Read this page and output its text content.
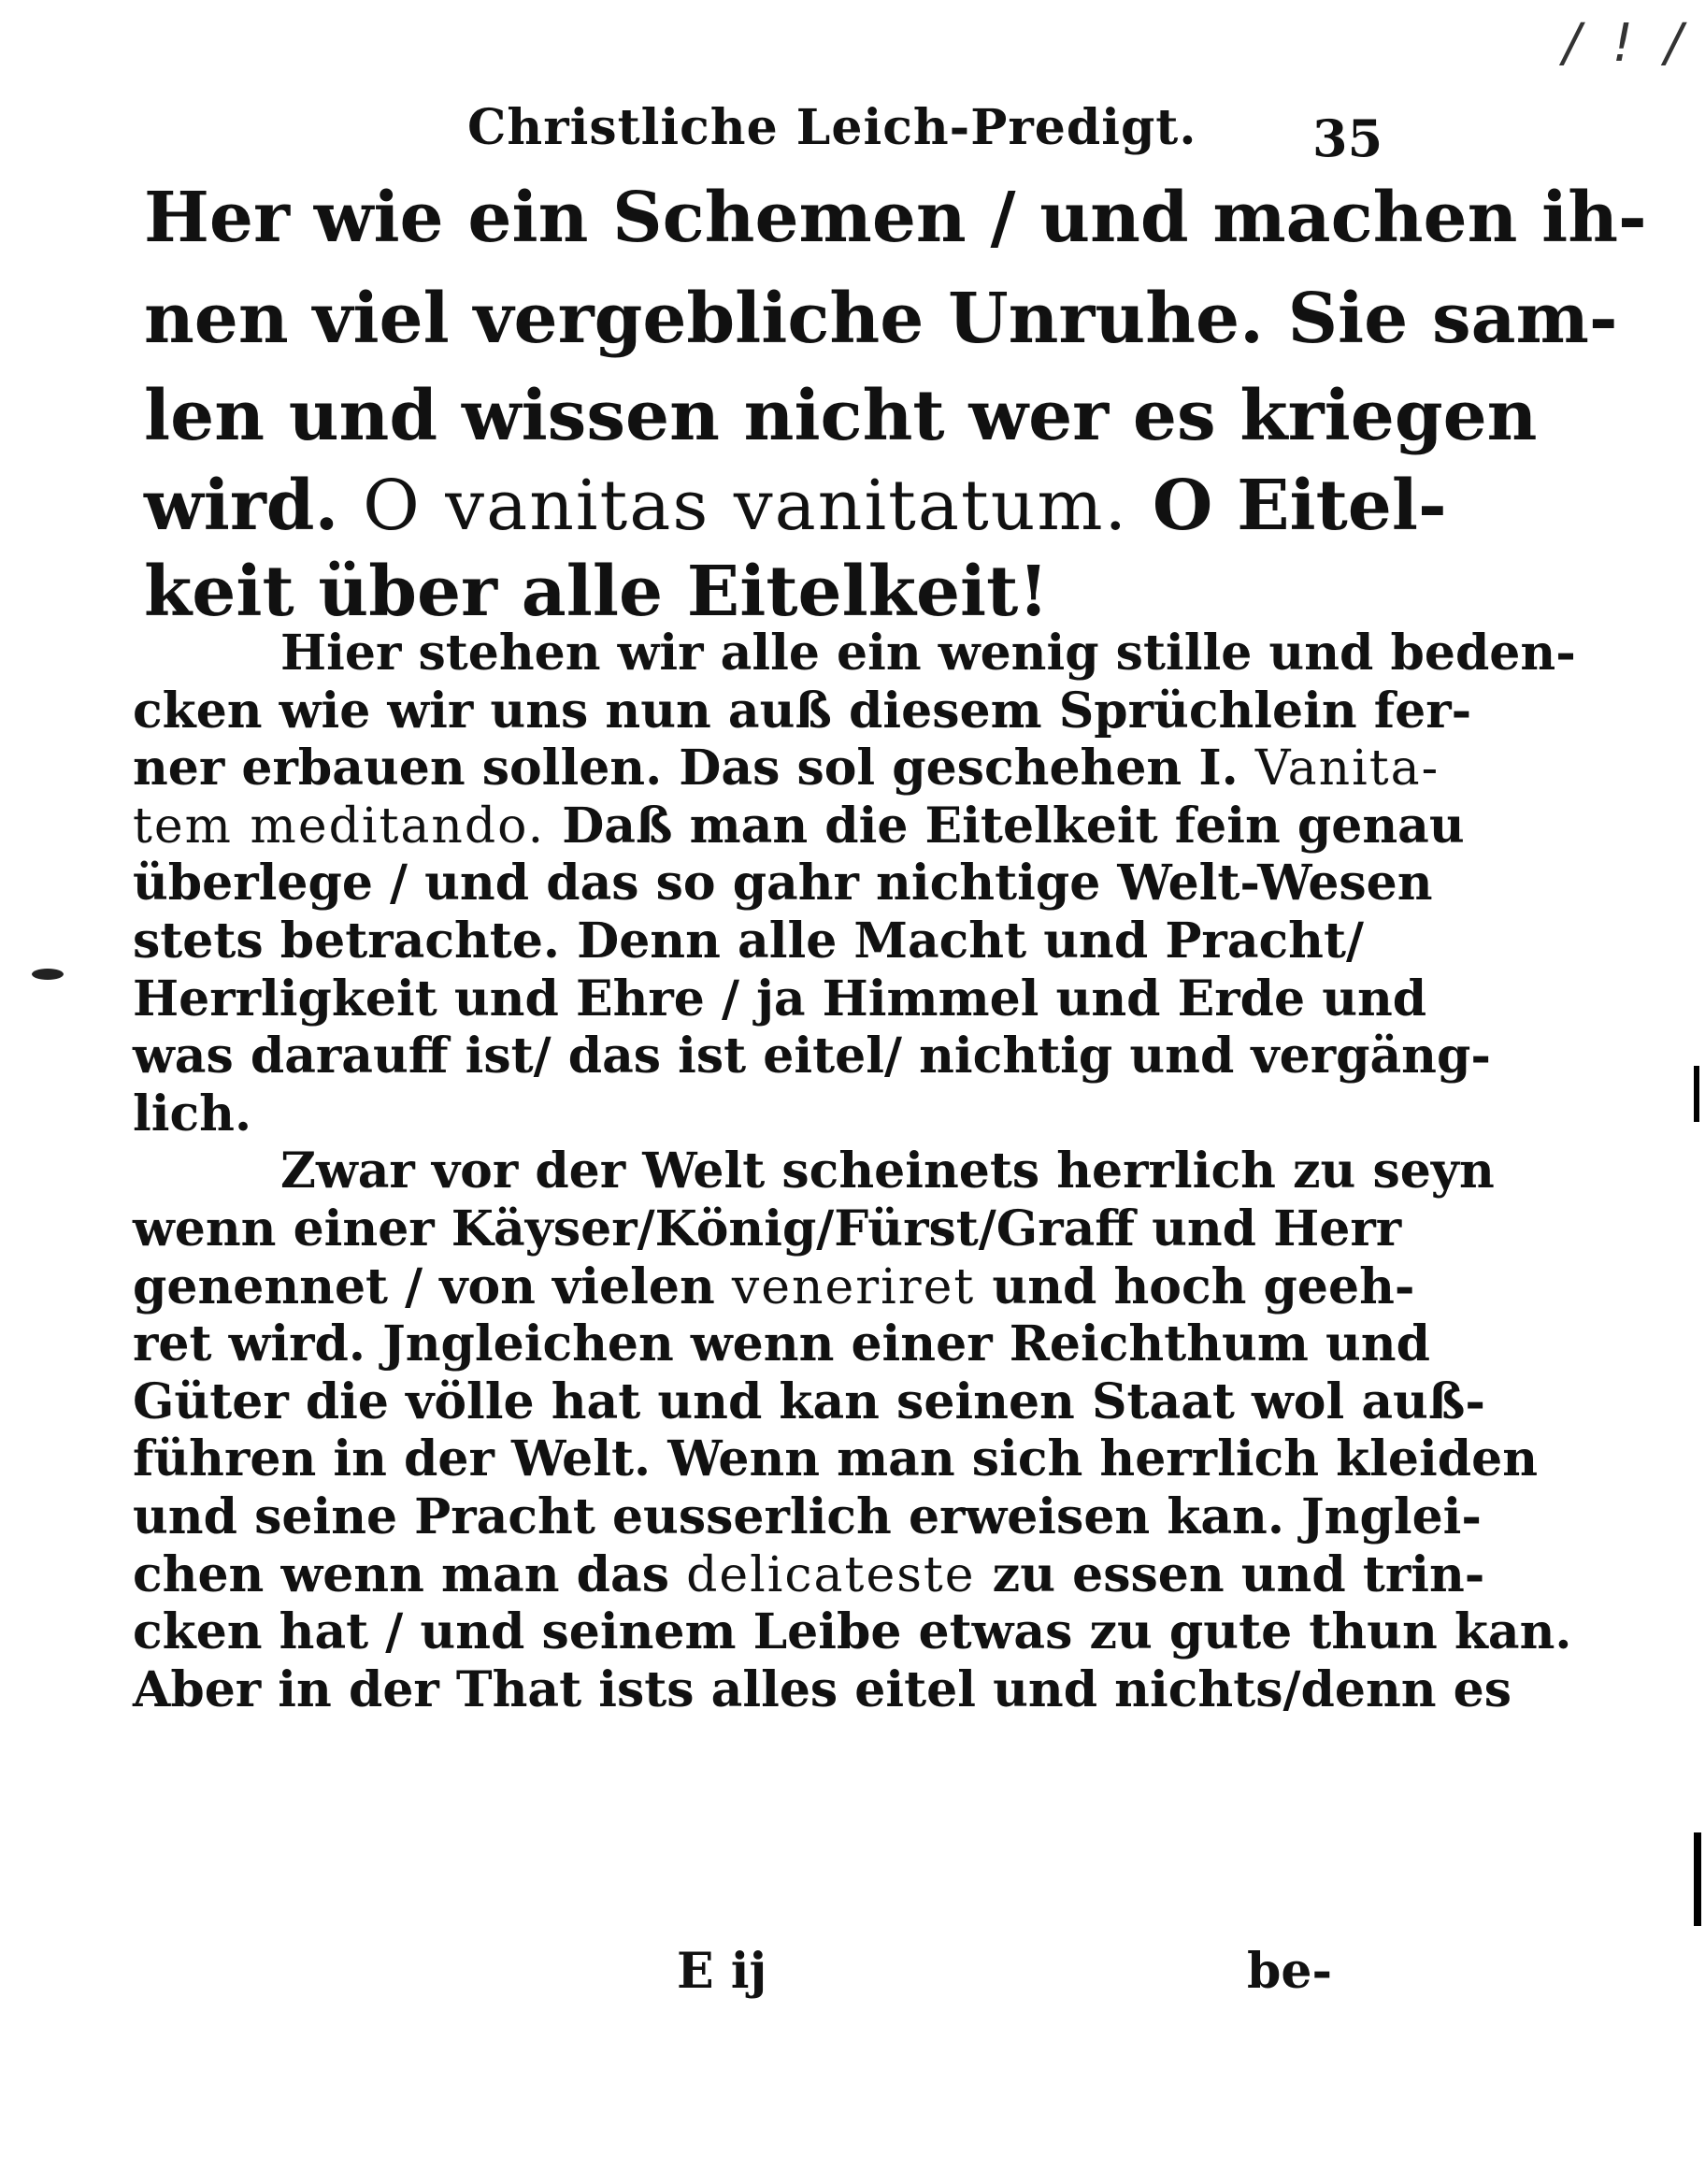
/ ! /
Christliche Leich-Predigt. 35
Her wie ein Schemen / und machen ih-
nen viel vergebliche Unruhe. Sie sam-
len und wissen nicht wer es kriegen
wird. O vanitas vanitatum. O Eitel-
keit über alle Eitelkeit!
Hier stehen wir alle ein wenig stille und beden-
cken wie wir uns nun auß diesem Sprüchlein fer-
ner erbauen sollen. Das sol geschehen I. Vanita-
tem meditando. Daß man die Eitelkeit fein genau
überlege / und das so gahr nichtige Welt-Wesen
stets betrachte. Denn alle Macht und Pracht/
Herrligkeit und Ehre / ja Himmel und Erde und
was darauff ist/ das ist eitel/ nichtig und vergäng-
lich.
Zwar vor der Welt scheinets herrlich zu seyn
wenn einer Käyser/König/Fürst/Graff und Herr
genennet / von vielen veneriret und hoch geeh-
ret wird. Jngleichen wenn einer Reichthum und
Güter die völle hat und kan seinen Staat wol auß-
führen in der Welt. Wenn man sich herrlich kleiden
und seine Pracht eusserlich erweisen kan. Jnglei-
chen wenn man das delicateste zu essen und trin-
cken hat / und seinem Leibe etwas zu gute thun kan.
Aber in der That ists alles eitel und nichts/denn es
E ij	be-
